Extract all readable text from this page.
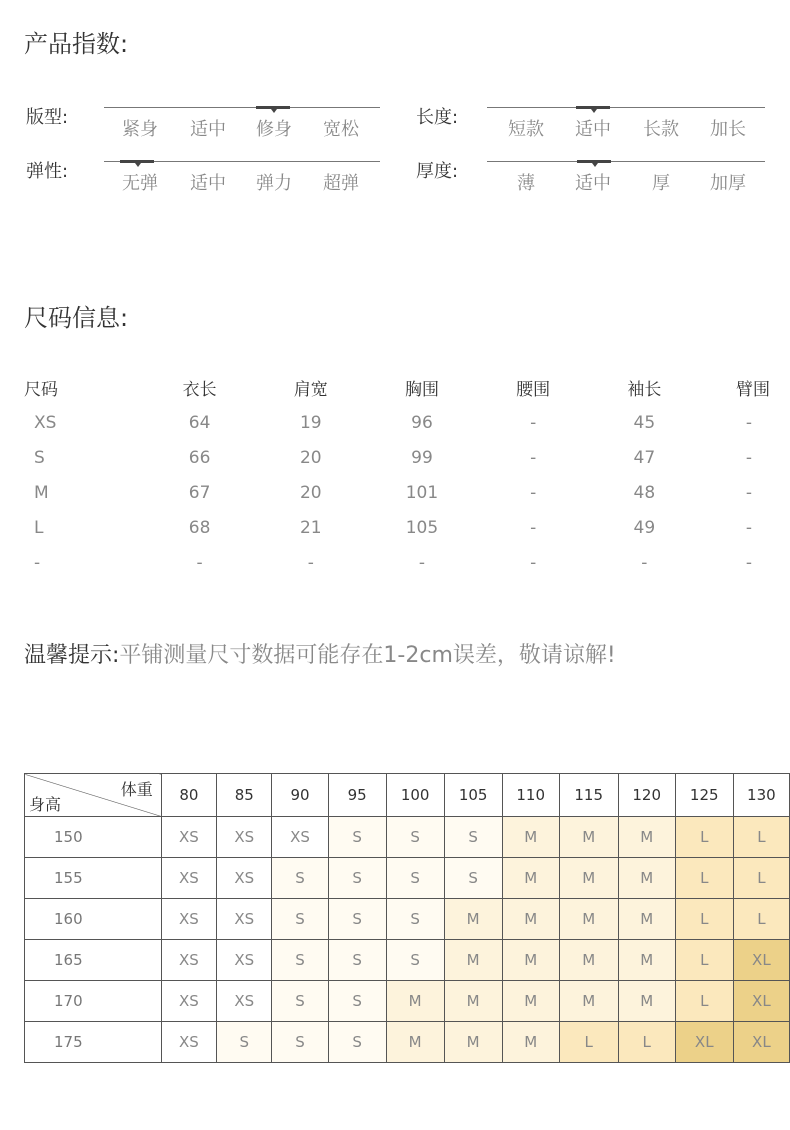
产品指数:
版型:
紧身	适中	修身	宽松
弹性:
无弹	适中	弹力	超弹
长度:
短款	适中	长款	加长
厚度:
薄	适中	厚	加厚
尺码信息:
尺码	衣长	肩宽	胸围	腰围	袖长	臂围
XS	64	19	96	-	45	-
S	66	20	99	-	47	-
M	67	20	101	-	48	-
L	68	21	105	-	49	-
-	-	-	-	-	-	-
温馨提示:平铺测量尺寸数据可能存在1-2cm误差，敬请谅解!
体重
身高	80	85	90	95	100	105	110	115	120	125	130
150	XS	XS	XS	S	S	S	M	M	M	L	L
155	XS	XS	S	S	S	S	M	M	M	L	L
160	XS	XS	S	S	S	M	M	M	M	L	L
165	XS	XS	S	S	S	M	M	M	M	L	XL
170	XS	XS	S	S	M	M	M	M	M	L	XL
175	XS	S	S	S	M	M	M	L	L	XL	XL
